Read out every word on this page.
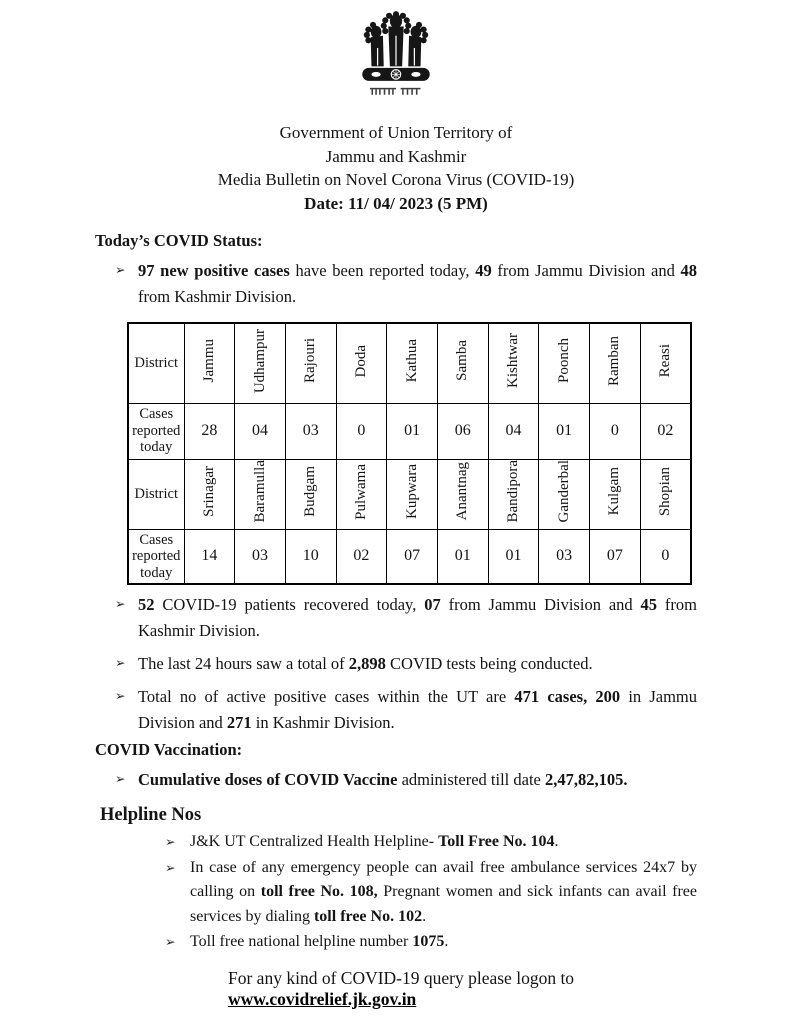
Government of Union Territory of
Jammu and Kashmir
Media Bulletin on Novel Corona Virus (COVID-19)
Date: 11/ 04/ 2023 (5 PM)
Today’s COVID Status:
➢ 97 new positive cases have been reported today, 49 from Jammu Division and 48 from Kashmir Division.
District	Jammu	Udhampur	Rajouri	Doda	Kathua	Samba	Kishtwar	Poonch	Ramban	Reasi
Cases reported today	28	04	03	0	01	06	04	01	0	02
District	Srinagar	Baramulla	Budgam	Pulwama	Kupwara	Anantnag	Bandipora	Ganderbal	Kulgam	Shopian
Cases reported today	14	03	10	02	07	01	01	03	07	0
➢ 52 COVID-19 patients recovered today, 07 from Jammu Division and 45 from Kashmir Division.
➢ The last 24 hours saw a total of 2,898 COVID tests being conducted.
➢ Total no of active positive cases within the UT are 471 cases, 200 in Jammu Division and 271 in Kashmir Division.
COVID Vaccination:
➢ Cumulative doses of COVID Vaccine administered till date 2,47,82,105.
Helpline Nos
➢ J&K UT Centralized Health Helpline- Toll Free No. 104.
➢ In case of any emergency people can avail free ambulance services 24x7 by calling on toll free No. 108, Pregnant women and sick infants can avail free services by dialing toll free No. 102.
➢ Toll free national helpline number 1075.
For any kind of COVID-19 query please logon to www.covidrelief.jk.gov.in
